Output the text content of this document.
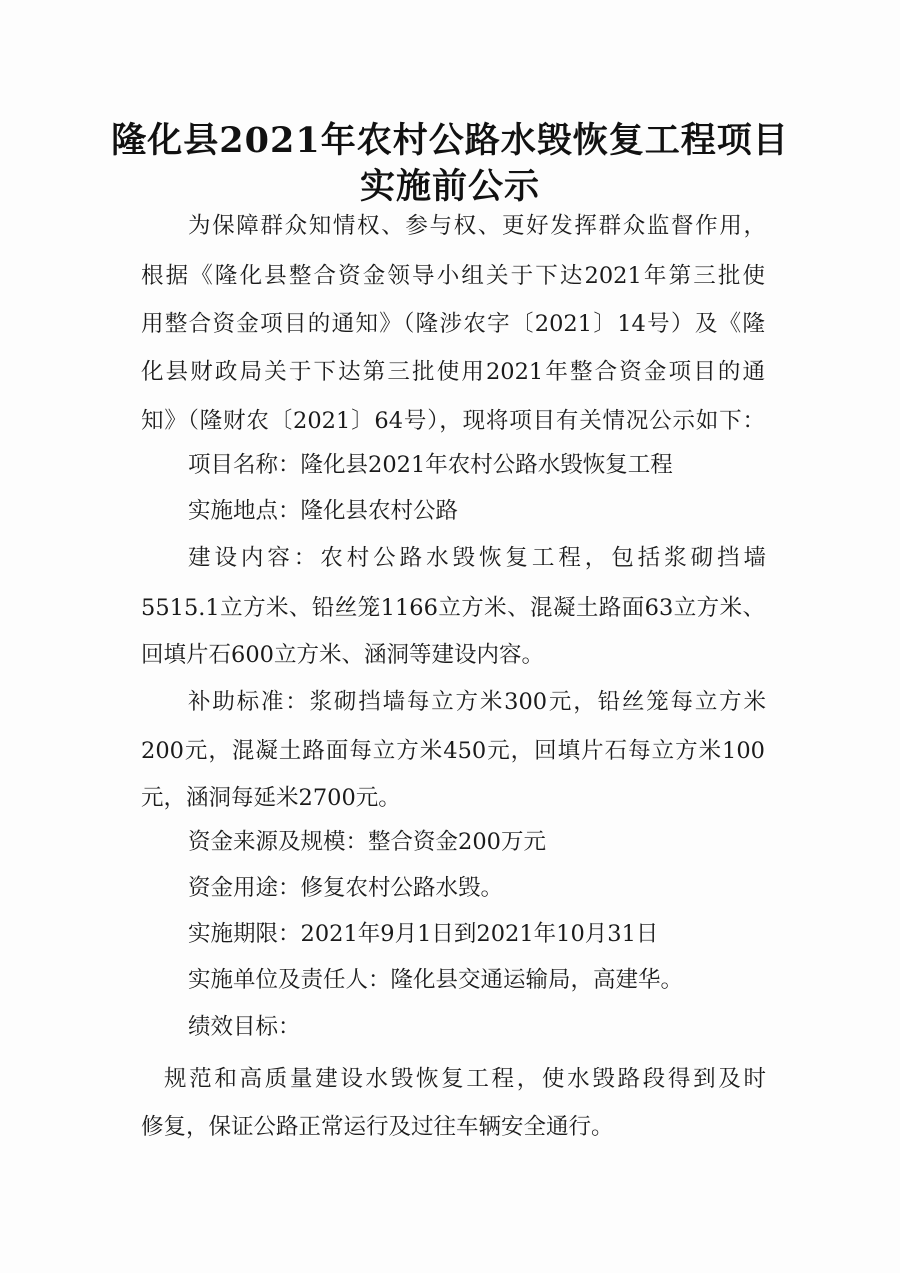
隆化县2021年农村公路水毁恢复工程项目
实施前公示
为保障群众知情权、参与权、更好发挥群众监督作用，
根据《隆化县整合资金领导小组关于下达2021年第三批使
用整合资金项目的通知》（隆涉农字〔2021〕14号）及《隆
化县财政局关于下达第三批使用2021年整合资金项目的通
知》（隆财农〔2021〕64号），现将项目有关情况公示如下：
项目名称：隆化县2021年农村公路水毁恢复工程
实施地点：隆化县农村公路
建设内容：农村公路水毁恢复工程，包括浆砌挡墙
5515.1立方米、铅丝笼1166立方米、混凝土路面63立方米、
回填片石600立方米、涵洞等建设内容。
补助标准：浆砌挡墙每立方米300元，铅丝笼每立方米
200元，混凝土路面每立方米450元，回填片石每立方米100
元，涵洞每延米2700元。
资金来源及规模：整合资金200万元
资金用途：修复农村公路水毁。
实施期限：2021年9月1日到2021年10月31日
实施单位及责任人：隆化县交通运输局，高建华。
绩效目标：
规范和高质量建设水毁恢复工程，使水毁路段得到及时
修复，保证公路正常运行及过往车辆安全通行。
